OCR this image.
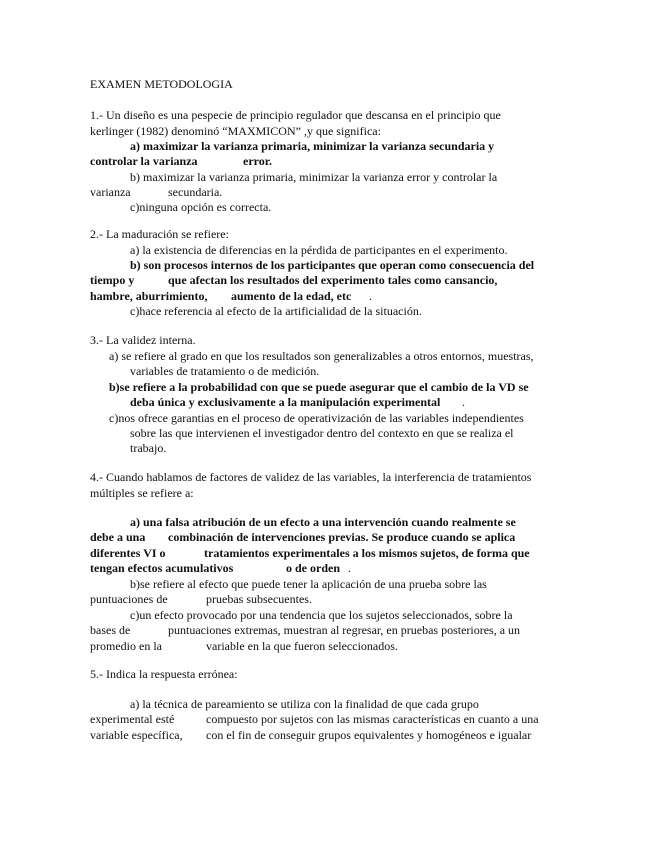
EXAMEN METODOLOGIA
1.- Un diseño es una pespecie de principio regulador que descansa en el principio que
kerlinger (1982) denominó “MAXMICON” ,y que significa:
a) maximizar la varianza primaria, minimizar la varianza secundaria y
controlar la varianza	error.
b) maximizar la varianza primaria, minimizar la varianza error y controlar la
varianza	secundaria.
c)ninguna opción es correcta.
2.- La maduración se refiere:
a) la existencia de diferencias en la pérdida de participantes en el experimento.
b) son procesos internos de los participantes que operan como consecuencia del
tiempo y	que afectan los resultados del experimento tales como cansancio,
hambre, aburrimiento, aumento de la edad, etc .
c)hace referencia al efecto de la artificialidad de la situación.
3.- La validez interna.
a) se refiere al grado en que los resultados son generalizables a otros entornos, muestras,
variables de tratamiento o de medición.
b)se refiere a la probabilidad con que se puede asegurar que el cambio de la VD se
deba única y exclusivamente a la manipulación experimental .
c)nos ofrece garantias en el proceso de operativización de las variables independientes
sobre las que intervienen el investigador dentro del contexto en que se realiza el
trabajo.
4.- Cuando hablamos de factores de validez de las variables, la interferencia de tratamientos
múltiples se refiere a:
a) una falsa atribución de un efecto a una intervención cuando realmente se
debe a una combinación de intervenciones previas. Se produce cuando se aplica
diferentes VI o	tratamientos experimentales a los mismos sujetos, de forma que
tengan efectos acumulativos	o de orden .
b)se refiere al efecto que puede tener la aplicación de una prueba sobre las
puntuaciones de	pruebas subsecuentes.
c)un efecto provocado por una tendencia que los sujetos seleccionados, sobre la
bases de	puntuaciones extremas, muestran al regresar, en pruebas posteriores, a un
promedio en la	variable en la que fueron seleccionados.
5.- Indica la respuesta errónea:
a) la técnica de pareamiento se utiliza con la finalidad de que cada grupo
experimental esté	compuesto por sujetos con las mismas características en cuanto a una
variable específica, con el fin de conseguir grupos equivalentes y homogéneos e igualar
